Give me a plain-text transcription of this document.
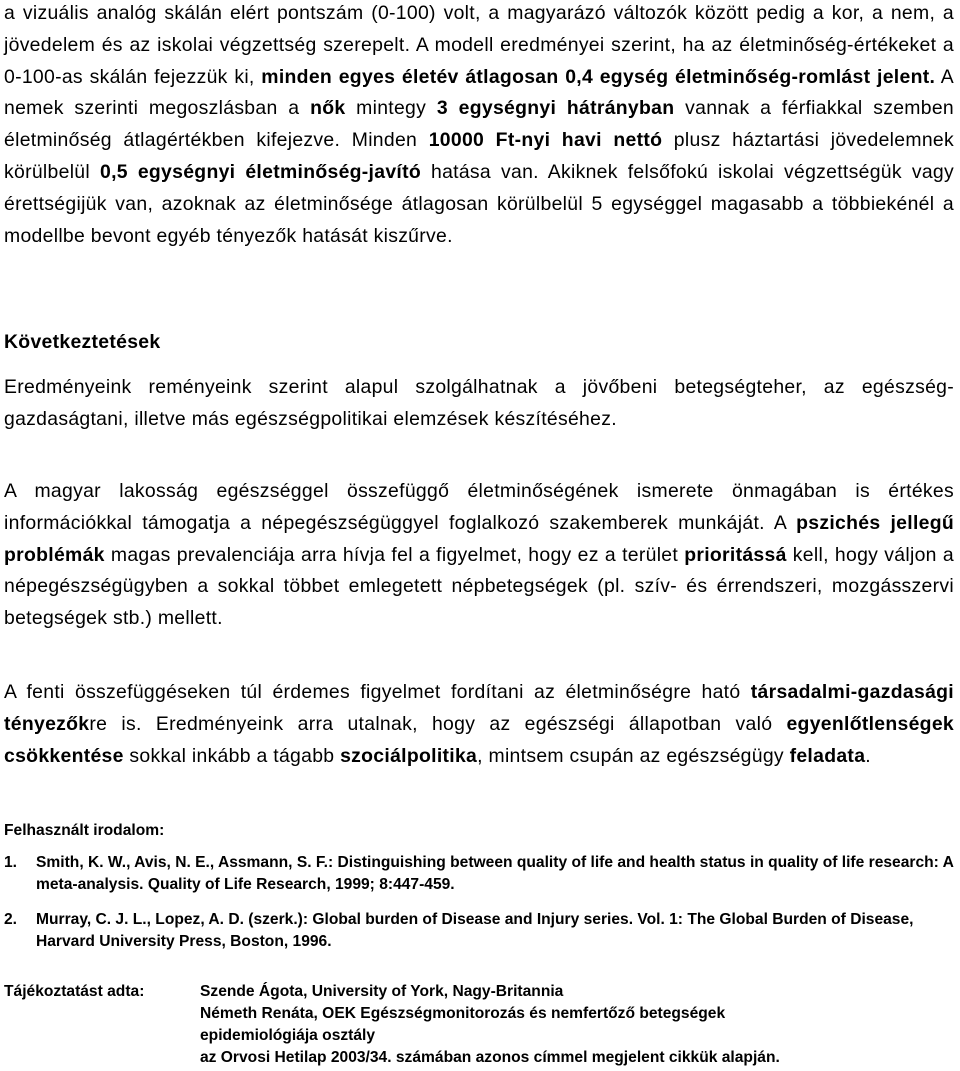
a vizuális analóg skálán elért pontszám (0-100) volt, a magyarázó változók között pedig a kor, a nem, a jövedelem és az iskolai végzettség szerepelt. A modell eredményei szerint, ha az életminőség-értékeket a 0-100-as skálán fejezzük ki, minden egyes életév átlagosan 0,4 egység életminőség-romlást jelent. A nemek szerinti megoszlásban a nők mintegy 3 egységnyi hátrányban vannak a férfiakkal szemben életminőség átlagértékben kifejezve. Minden 10000 Ft-nyi havi nettó plusz háztartási jövedelemnek körülbelül 0,5 egységnyi életminőség-javító hatása van. Akiknek felsőfokú iskolai végzettségük vagy érettségijük van, azoknak az életminősége átlagosan körülbelül 5 egységgel magasabb a többiekénél a modellbe bevont egyéb tényezők hatását kiszűrve.

Következtetések

Eredményeink reményeink szerint alapul szolgálhatnak a jövőbeni betegségteher, az egészség-gazdaságtani, illetve más egészségpolitikai elemzések készítéséhez.

A magyar lakosság egészséggel összefüggő életminőségének ismerete önmagában is értékes információkkal támogatja a népegészségüggyel foglalkozó szakemberek munkáját. A pszichés jellegű problémák magas prevalenciája arra hívja fel a figyelmet, hogy ez a terület prioritássá kell, hogy váljon a népegészségügyben a sokkal többet emlegetett népbetegségek (pl. szív- és érrendszeri, mozgásszervi betegségek stb.) mellett.

A fenti összefüggéseken túl érdemes figyelmet fordítani az életminőségre ható társadalmi-gazdasági tényezőkre is. Eredményeink arra utalnak, hogy az egészségi állapotban való egyenlőtlenségek csökkentése sokkal inkább a tágabb szociálpolitika, mintsem csupán az egészségügy feladata.

Felhasznált irodalom:
1.	Smith, K. W., Avis, N. E., Assmann, S. F.: Distinguishing between quality of life and health status in quality of life research: A meta-analysis. Quality of Life Research, 1999; 8:447-459.
2.	Murray, C. J. L., Lopez, A. D. (szerk.): Global burden of Disease and Injury series. Vol. 1: The Global Burden of Disease, Harvard University Press, Boston, 1996.
Tájékoztatást adta:	Szende Ágota, University of York, Nagy-Britannia
Németh Renáta, OEK Egészségmonitorozás és nemfertőző betegségek
epidemiológiája osztály
az Orvosi Hetilap 2003/34. számában azonos címmel megjelent cikkük alapján.
